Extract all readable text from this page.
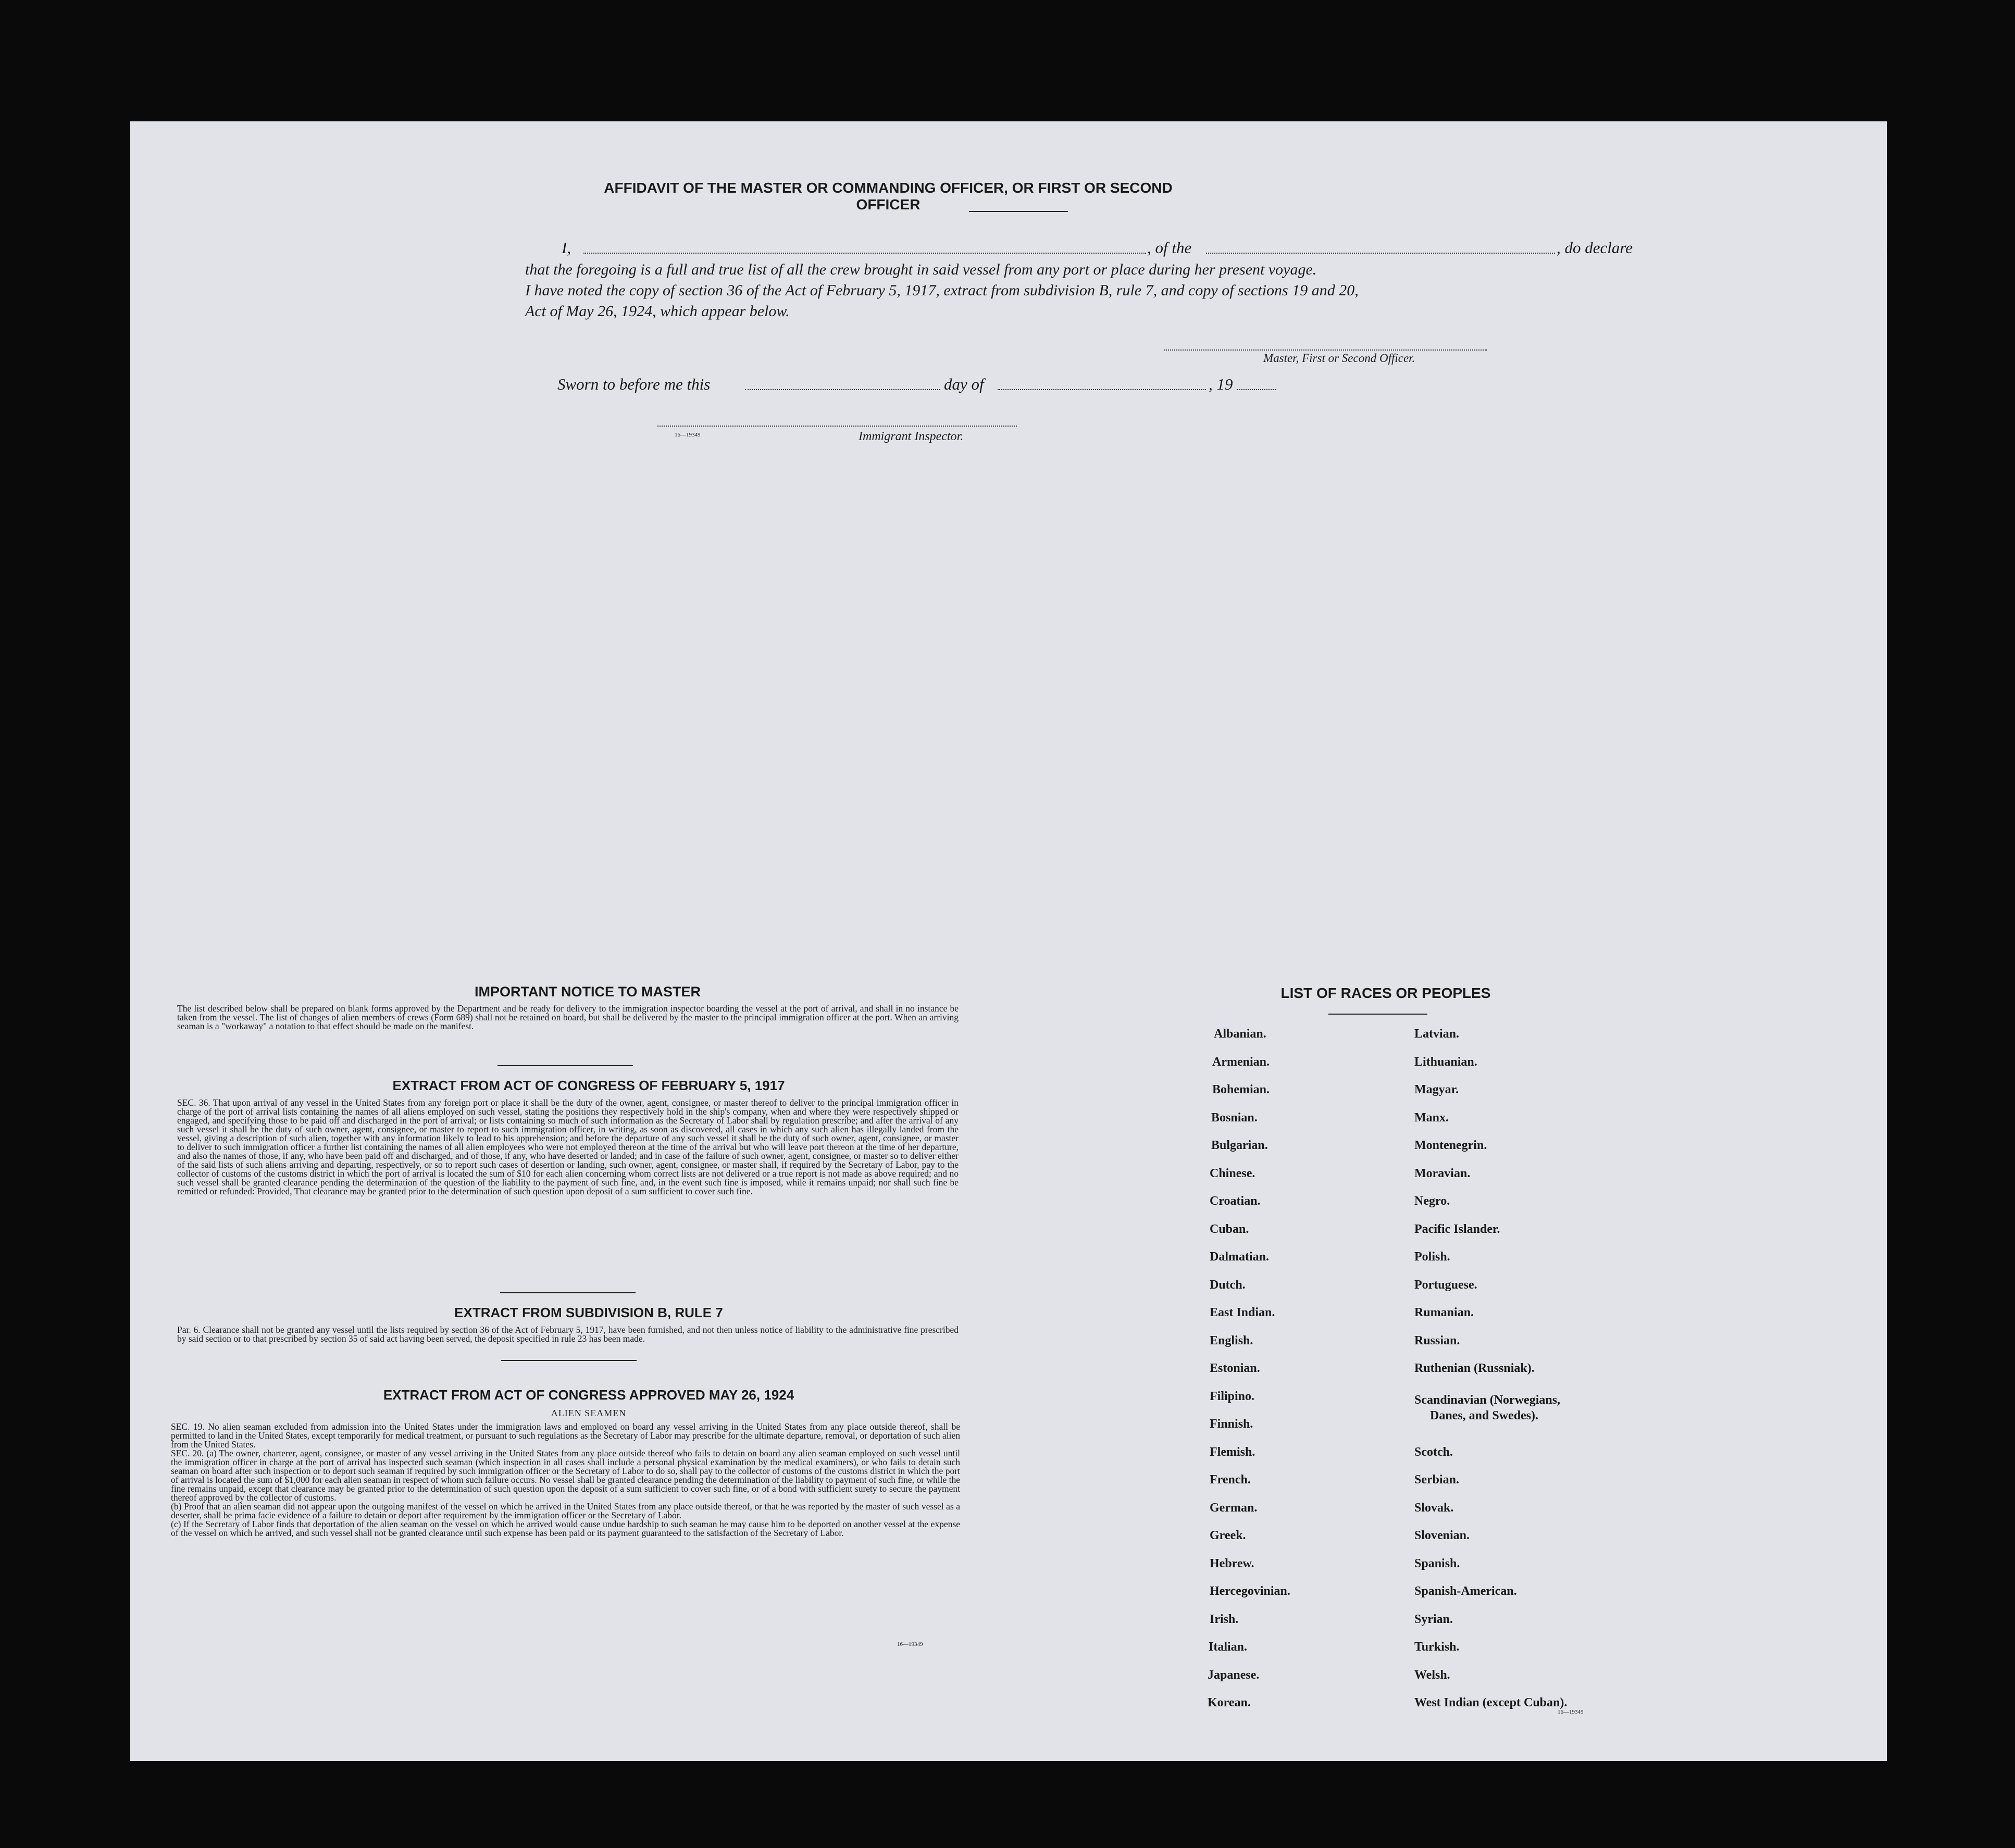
AFFIDAVIT OF THE MASTER OR COMMANDING OFFICER, OR FIRST OR SECOND OFFICER
I,	, of the	, do declare
that the foregoing is a full and true list of all the crew brought in said vessel from any port or place during her present voyage.
I have noted the copy of section 36 of the Act of February 5, 1917, extract from subdivision B, rule 7, and copy of sections 19 and 20,
Act of May 26, 1924, which appear below.
Master, First or Second Officer.
Sworn to before me this	day of	, 19
16—19349	Immigrant Inspector.
IMPORTANT NOTICE TO MASTER
The list described below shall be prepared on blank forms approved by the Department and be ready for delivery to the immigration inspector boarding the vessel at the port of arrival, and shall in no instance be taken from the vessel. The list of changes of alien members of crews (Form 689) shall not be retained on board, but shall be delivered by the master to the principal immigration officer at the port. When an arriving seaman is a "workaway" a notation to that effect should be made on the manifest.
EXTRACT FROM ACT OF CONGRESS OF FEBRUARY 5, 1917
SEC. 36. That upon arrival of any vessel in the United States from any foreign port or place it shall be the duty of the owner, agent, consignee, or master thereof to deliver to the principal immigration officer in charge of the port of arrival lists containing the names of all aliens employed on such vessel, stating the positions they respectively hold in the ship's company, when and where they were respectively shipped or engaged, and specifying those to be paid off and discharged in the port of arrival; or lists containing so much of such information as the Secretary of Labor shall by regulation prescribe; and after the arrival of any such vessel it shall be the duty of such owner, agent, consignee, or master to report to such immigration officer, in writing, as soon as discovered, all cases in which any such alien has illegally landed from the vessel, giving a description of such alien, together with any information likely to lead to his apprehension; and before the departure of any such vessel it shall be the duty of such owner, agent, consignee, or master to deliver to such immigration officer a further list containing the names of all alien employees who were not employed thereon at the time of the arrival but who will leave port thereon at the time of her departure, and also the names of those, if any, who have been paid off and discharged, and of those, if any, who have deserted or landed; and in case of the failure of such owner, agent, consignee, or master so to deliver either of the said lists of such aliens arriving and departing, respectively, or so to report such cases of desertion or landing, such owner, agent, consignee, or master shall, if required by the Secretary of Labor, pay to the collector of customs of the customs district in which the port of arrival is located the sum of $10 for each alien concerning whom correct lists are not delivered or a true report is not made as above required; and no such vessel shall be granted clearance pending the determination of the question of the liability to the payment of such fine, and, in the event such fine is imposed, while it remains unpaid; nor shall such fine be remitted or refunded: Provided, That clearance may be granted prior to the determination of such question upon deposit of a sum sufficient to cover such fine.
EXTRACT FROM SUBDIVISION B, RULE 7
Par. 6. Clearance shall not be granted any vessel until the lists required by section 36 of the Act of February 5, 1917, have been furnished, and not then unless notice of liability to the administrative fine prescribed by said section or to that prescribed by section 35 of said act having been served, the deposit specified in rule 23 has been made.
EXTRACT FROM ACT OF CONGRESS APPROVED MAY 26, 1924
ALIEN SEAMEN
SEC. 19. No alien seaman excluded from admission into the United States under the immigration laws and employed on board any vessel arriving in the United States from any place outside thereof, shall be permitted to land in the United States, except temporarily for medical treatment, or pursuant to such regulations as the Secretary of Labor may prescribe for the ultimate departure, removal, or deportation of such alien from the United States.
SEC. 20. (a) The owner, charterer, agent, consignee, or master of any vessel arriving in the United States from any place outside thereof who fails to detain on board any alien seaman employed on such vessel until the immigration officer in charge at the port of arrival has inspected such seaman (which inspection in all cases shall include a personal physical examination by the medical examiners), or who fails to detain such seaman on board after such inspection or to deport such seaman if required by such immigration officer or the Secretary of Labor to do so, shall pay to the collector of customs of the customs district in which the port of arrival is located the sum of $1,000 for each alien seaman in respect of whom such failure occurs. No vessel shall be granted clearance pending the determination of the liability to payment of such fine, or while the fine remains unpaid, except that clearance may be granted prior to the determination of such question upon the deposit of a sum sufficient to cover such fine, or of a bond with sufficient surety to secure the payment thereof approved by the collector of customs.
(b) Proof that an alien seaman did not appear upon the outgoing manifest of the vessel on which he arrived in the United States from any place outside thereof, or that he was reported by the master of such vessel as a deserter, shall be prima facie evidence of a failure to detain or deport after requirement by the immigration officer or the Secretary of Labor.
(c) If the Secretary of Labor finds that deportation of the alien seaman on the vessel on which he arrived would cause undue hardship to such seaman he may cause him to be deported on another vessel at the expense of the vessel on which he arrived, and such vessel shall not be granted clearance until such expense has been paid or its payment guaranteed to the satisfaction of the Secretary of Labor.
16—19349
LIST OF RACES OR PEOPLES
Albanian.
Armenian.
Bohemian.
Bosnian.
Bulgarian.
Chinese.
Croatian.
Cuban.
Dalmatian.
Dutch.
East Indian.
English.
Estonian.
Filipino.
Finnish.
Flemish.
French.
German.
Greek.
Hebrew.
Hercegovinian.
Irish.
Italian.
Japanese.
Korean.
Latvian.
Lithuanian.
Magyar.
Manx.
Montenegrin.
Moravian.
Negro.
Pacific Islander.
Polish.
Portuguese.
Rumanian.
Russian.
Ruthenian (Russniak).
Scandinavian (Norwegians,
Danes, and Swedes).
Scotch.
Serbian.
Slovak.
Slovenian.
Spanish.
Spanish-American.
Syrian.
Turkish.
Welsh.
West Indian (except Cuban).
16—19349
